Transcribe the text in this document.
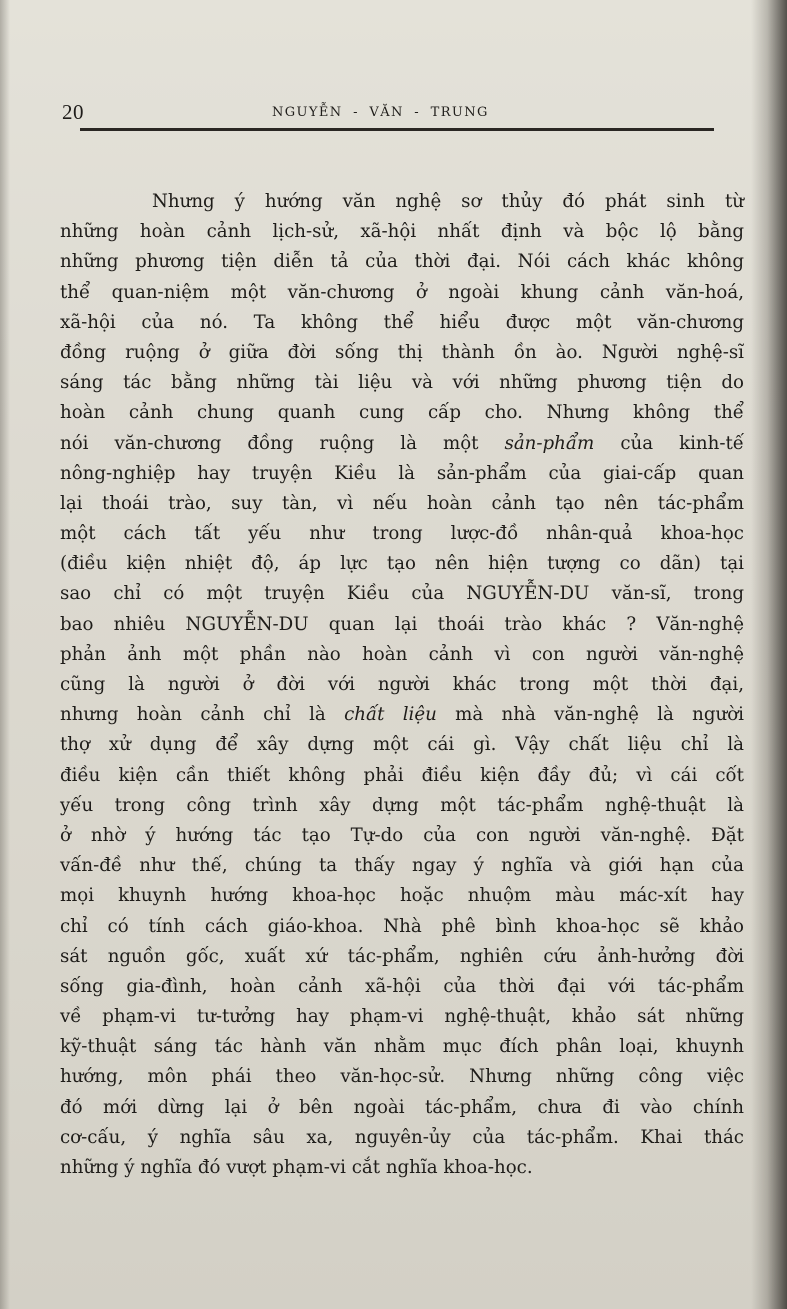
20	NGUYỄN - VĂN - TRUNG
Nhưng ý hướng văn nghệ sơ thủy đó phát sinh từ
những hoàn cảnh lịch-sử, xã-hội nhất định và bộc lộ bằng
những phương tiện diễn tả của thời đại. Nói cách khác không
thể quan-niệm một văn-chương ở ngoài khung cảnh văn-hoá,
xã-hội của nó. Ta không thể hiểu được một văn-chương
đồng ruộng ở giữa đời sống thị thành ồn ào. Người nghệ-sĩ
sáng tác bằng những tài liệu và với những phương tiện do
hoàn cảnh chung quanh cung cấp cho. Nhưng không thể
nói văn-chương đồng ruộng là một sản-phẩm của kinh-tế
nông-nghiệp hay truyện Kiều là sản-phẩm của giai-cấp quan
lại thoái trào, suy tàn, vì nếu hoàn cảnh tạo nên tác-phẩm
một cách tất yếu như trong lược-đồ nhân-quả khoa-học
(điều kiện nhiệt độ, áp lực tạo nên hiện tượng co dãn) tại
sao chỉ có một truyện Kiều của NGUYỄN-DU văn-sĩ, trong
bao nhiêu NGUYỄN-DU quan lại thoái trào khác ? Văn-nghệ
phản ảnh một phần nào hoàn cảnh vì con người văn-nghệ
cũng là người ở đời với người khác trong một thời đại,
nhưng hoàn cảnh chỉ là chất liệu mà nhà văn-nghệ là người
thợ xử dụng để xây dựng một cái gì. Vậy chất liệu chỉ là
điều kiện cần thiết không phải điều kiện đầy đủ; vì cái cốt
yếu trong công trình xây dựng một tác-phẩm nghệ-thuật là
ở nhờ ý hướng tác tạo Tự-do của con người văn-nghệ. Đặt
vấn-đề như thế, chúng ta thấy ngay ý nghĩa và giới hạn của
mọi khuynh hướng khoa-học hoặc nhuộm màu mác-xít hay
chỉ có tính cách giáo-khoa. Nhà phê bình khoa-học sẽ khảo
sát nguồn gốc, xuất xứ tác-phẩm, nghiên cứu ảnh-hưởng đời
sống gia-đình, hoàn cảnh xã-hội của thời đại với tác-phẩm
về phạm-vi tư-tưởng hay phạm-vi nghệ-thuật, khảo sát những
kỹ-thuật sáng tác hành văn nhằm mục đích phân loại, khuynh
hướng, môn phái theo văn-học-sử. Nhưng những công việc
đó mới dừng lại ở bên ngoài tác-phẩm, chưa đi vào chính
cơ-cấu, ý nghĩa sâu xa, nguyên-ủy của tác-phẩm. Khai thác
những ý nghĩa đó vượt phạm-vi cắt nghĩa khoa-học.
